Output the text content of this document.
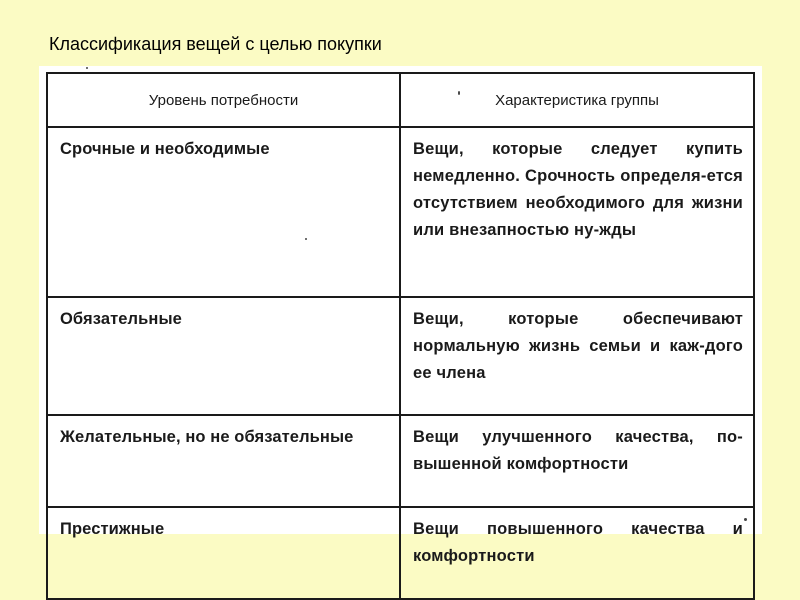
Классификация вещей с целью покупки
Уровень потребности	Характеристика группы
Срочные и необходимые	Вещи, которые следует купить немедленно. Срочность определя-ется отсутствием необходимого для жизни или внезапностью ну-жды
Обязательные	Вещи, которые обеспечивают нормальную жизнь семьи и каж-дого ее члена
Желательные, но не обязательные	Вещи улучшенного качества, по-вышенной комфортности
Престижные	Вещи повышенного качества и комфортности
